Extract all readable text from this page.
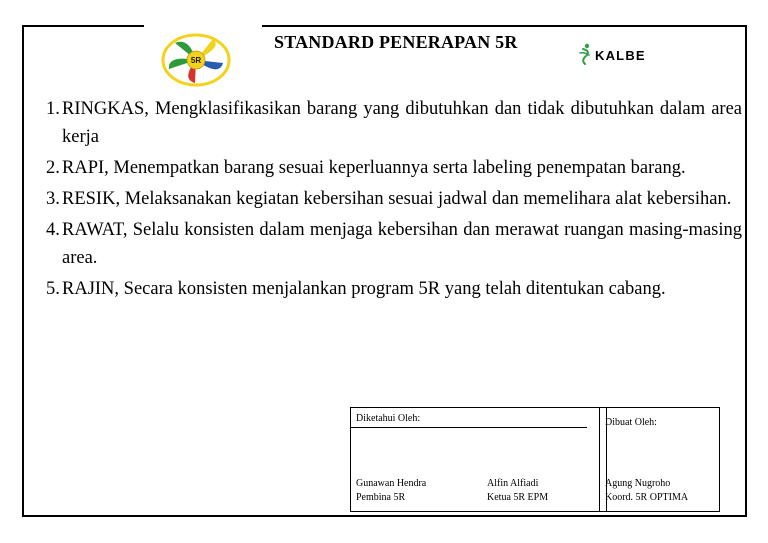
5R
STANDARD PENERAPAN 5R
KALBE
1. RINGKAS, Mengklasifikasikan barang yang dibutuhkan dan tidak dibutuhkan dalam area kerja
2. RAPI, Menempatkan barang sesuai keperluannya serta labeling penempatan barang.
3. RESIK, Melaksanakan kegiatan kebersihan sesuai jadwal dan memelihara alat kebersihan.
4. RAWAT, Selalu konsisten dalam menjaga kebersihan dan merawat ruangan masing-masing area.
5. RAJIN, Secara konsisten menjalankan program 5R yang telah ditentukan cabang.
Diketahui Oleh:
Gunawan Hendra
Pembina 5R
Alfin Alfiadi
Ketua 5R EPM
Dibuat Oleh:
Agung Nugroho
Koord. 5R OPTIMA
